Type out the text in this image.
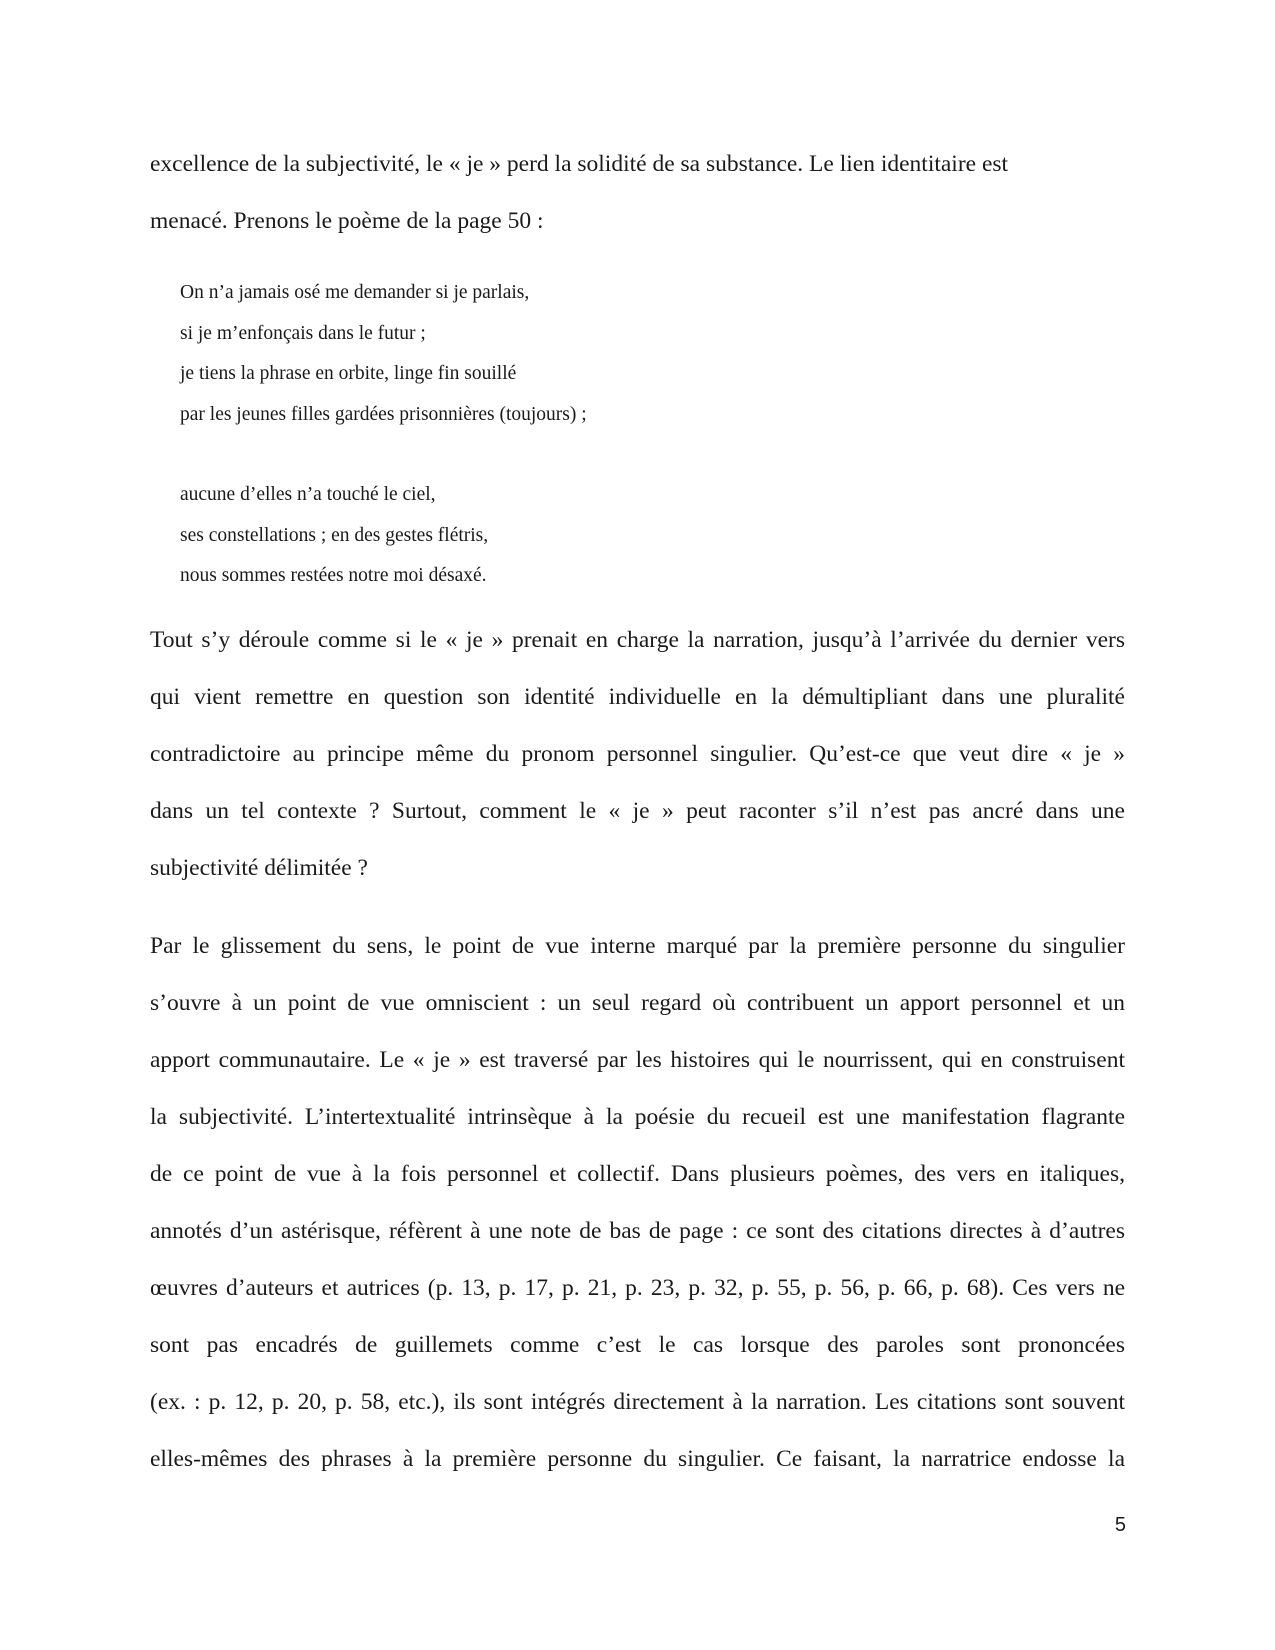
excellence de la subjectivité, le « je » perd la solidité de sa substance. Le lien identitaire est
menacé. Prenons le poème de la page 50 :
On n’a jamais osé me demander si je parlais,
si je m’enfonçais dans le futur ;
je tiens la phrase en orbite, linge fin souillé
par les jeunes filles gardées prisonnières (toujours) ;
aucune d’elles n’a touché le ciel,
ses constellations ; en des gestes flétris,
nous sommes restées notre moi désaxé.
Tout s’y déroule comme si le « je » prenait en charge la narration, jusqu’à l’arrivée du dernier vers
qui vient remettre en question son identité individuelle en la démultipliant dans une pluralité
contradictoire au principe même du pronom personnel singulier. Qu’est-ce que veut dire « je »
dans un tel contexte ? Surtout, comment le « je » peut raconter s’il n’est pas ancré dans une
subjectivité délimitée ?
Par le glissement du sens, le point de vue interne marqué par la première personne du singulier
s’ouvre à un point de vue omniscient : un seul regard où contribuent un apport personnel et un
apport communautaire. Le « je » est traversé par les histoires qui le nourrissent, qui en construisent
la subjectivité. L’intertextualité intrinsèque à la poésie du recueil est une manifestation flagrante
de ce point de vue à la fois personnel et collectif. Dans plusieurs poèmes, des vers en italiques,
annotés d’un astérisque, réfèrent à une note de bas de page : ce sont des citations directes à d’autres
œuvres d’auteurs et autrices (p. 13, p. 17, p. 21, p. 23, p. 32, p. 55, p. 56, p. 66, p. 68). Ces vers ne
sont pas encadrés de guillemets comme c’est le cas lorsque des paroles sont prononcées
(ex. : p. 12, p. 20, p. 58, etc.), ils sont intégrés directement à la narration. Les citations sont souvent
elles-mêmes des phrases à la première personne du singulier. Ce faisant, la narratrice endosse la
5
